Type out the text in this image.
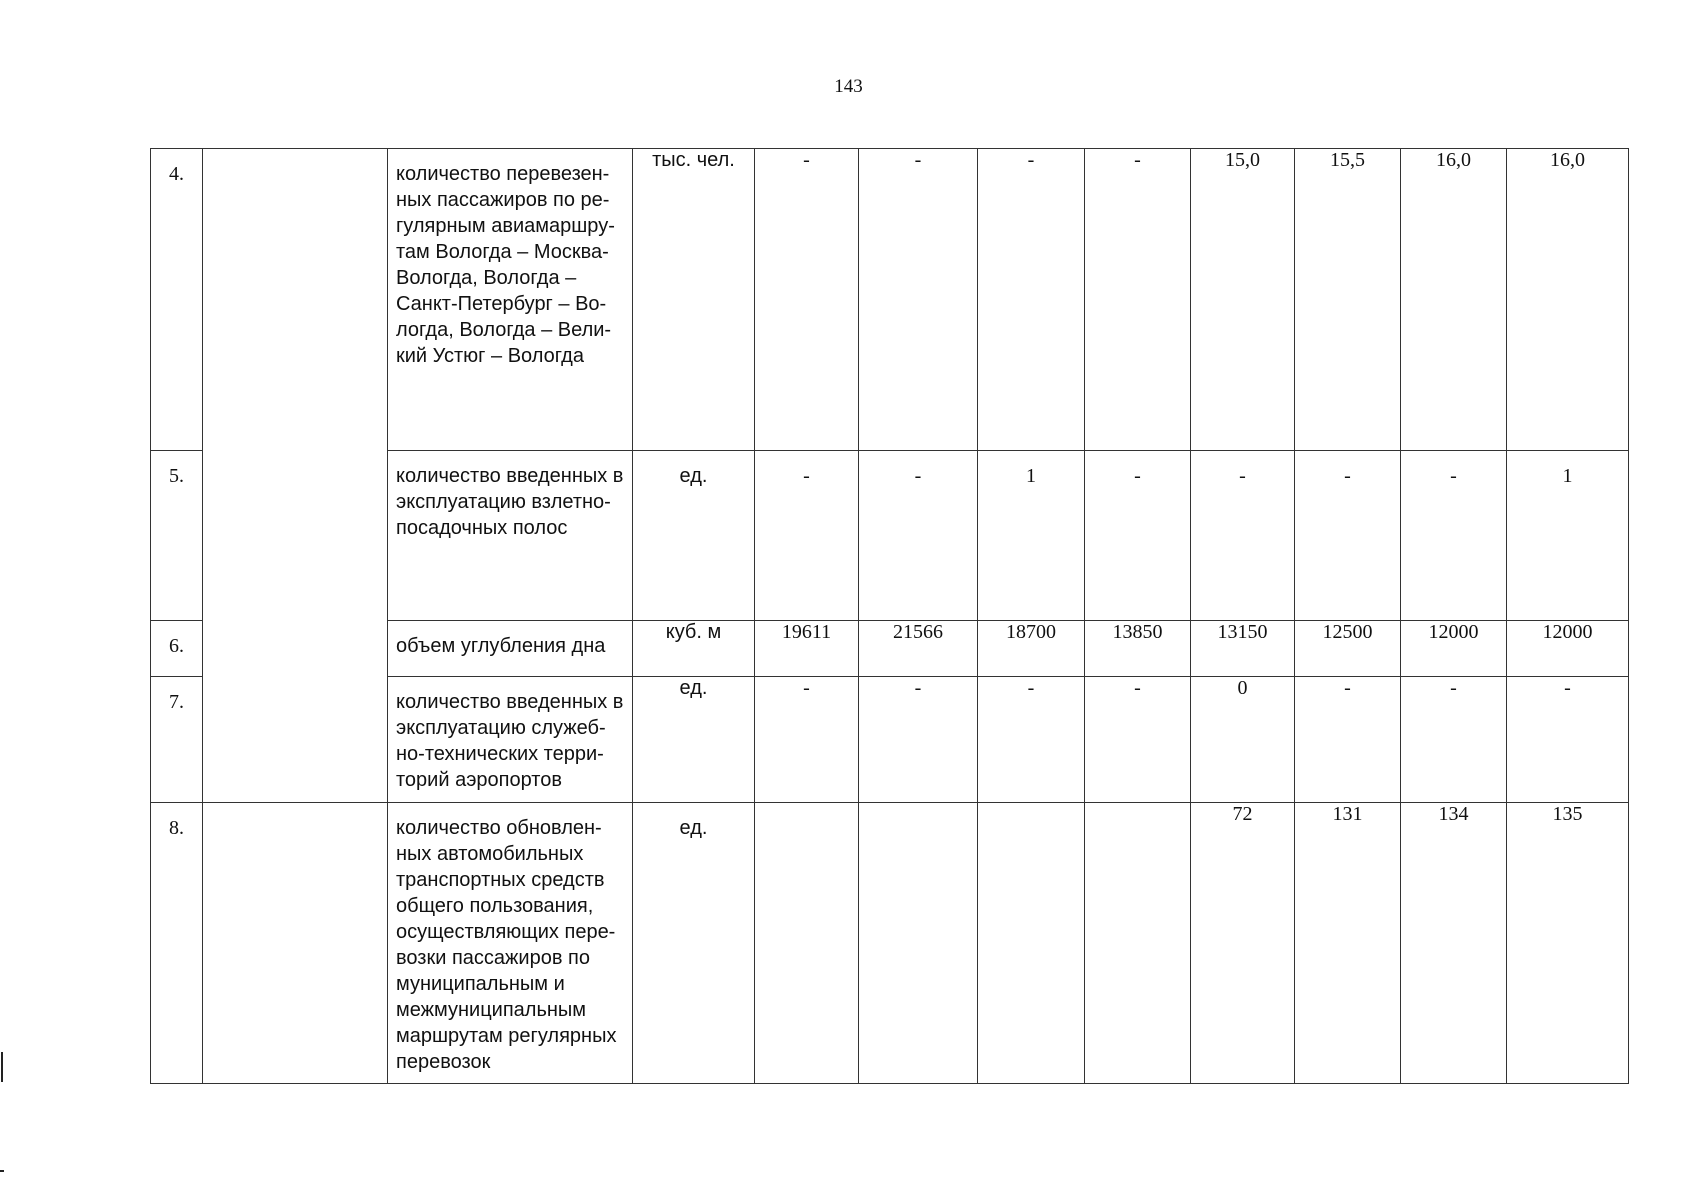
143
4.		количество перевезен-ных пассажиров по ре-гулярным авиамаршру-там Вологда – Москва-Вологда, Вологда – Санкт-Петербург – Во-логда, Вологда – Вели-кий Устюг – Вологда	тыс. чел.	-	-	-	-	15,0	15,5	16,0	16,0
5.		количество введенных в эксплуатацию взлетно-посадочных полос	ед.	-	-	1	-	-	-	-	1
6.		объем углубления дна	куб. м	19611	21566	18700	13850	13150	12500	12000	12000
7.		количество введенных в эксплуатацию служеб-но-технических терри-торий аэропортов	ед.	-	-	-	-	0	-	-	-
8.		количество обновлен-ных автомобильных транспортных средств общего пользования, осуществляющих пере-возки пассажиров по муниципальным и межмуниципальным маршрутам регулярных перевозок	ед.					72	131	134	135
